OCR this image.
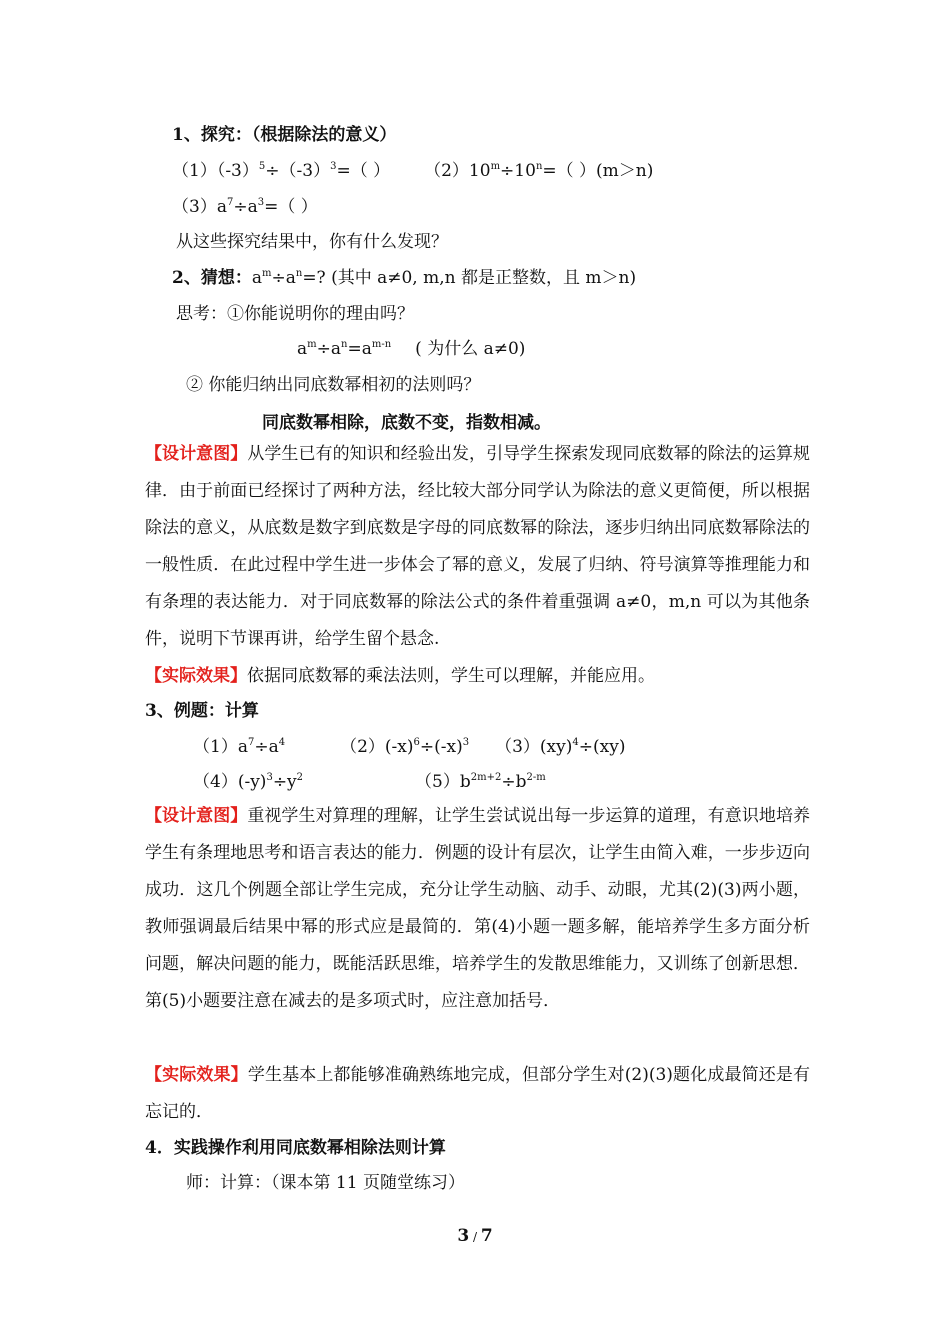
1、探究：（根据除法的意义）
$(1)(-3)^5\div(-3)^3=$（ ） $(2)10^m\div 10^n=$（ ）(m＞n)
$(3)a^7\div a^3=$（ ）
从这些探究结果中，你有什么发现？
2、猜想：$a^m\div a^n=$? (其中 a≠0, m,n 都是正整数，且 m＞n)
思考：①你能说明你的理由吗？
$a^m\div a^n=a^{m-n}$ ( 为什么 a≠0)
② 你能归纳出同底数幂相初的法则吗？
同底数幂相除，底数不变，指数相减。
【设计意图】从学生已有的知识和经验出发，引导学生探索发现同底数幂的除法的运算规律．由于前面已经探讨了两种方法，经比较大部分同学认为除法的意义更简便，所以根据除法的意义，从底数是数字到底数是字母的同底数幂的除法，逐步归纳出同底数幂除法的一般性质．在此过程中学生进一步体会了幂的意义，发展了归纳、符号演算等推理能力和有条理的表达能力．对于同底数幂的除法公式的条件着重强调 a≠0，m,n 可以为其他条件，说明下节课再讲，给学生留个悬念.
【实际效果】依据同底数幂的乘法法则，学生可以理解，并能应用。
3、例题：计算
$(1)a^7\div a^4$	$(2)(-x)^6\div(-x)^3$ （3）(xy)$^4$÷(xy)
$(4)(-y)^3\div y^2$	$(5)b^{2m+2}\div b^{2-m}$
【设计意图】重视学生对算理的理解，让学生尝试说出每一步运算的道理，有意识地培养学生有条理地思考和语言表达的能力．例题的设计有层次，让学生由简入难，一步步迈向成功．这几个例题全部让学生完成，充分让学生动脑、动手、动眼，尤其(2)(3)两小题，教师强调最后结果中幂的形式应是最简的．第(4)小题一题多解，能培养学生多方面分析问题，解决问题的能力，既能活跃思维，培养学生的发散思维能力，又训练了创新思想．第(5)小题要注意在减去的是多项式时，应注意加括号．
【实际效果】学生基本上都能够准确熟练地完成，但部分学生对(2)(3)题化成最简还是有忘记的．
4．实践操作利用同底数幂相除法则计算
师：计算：（课本第 11 页随堂练习）
3 / 7
